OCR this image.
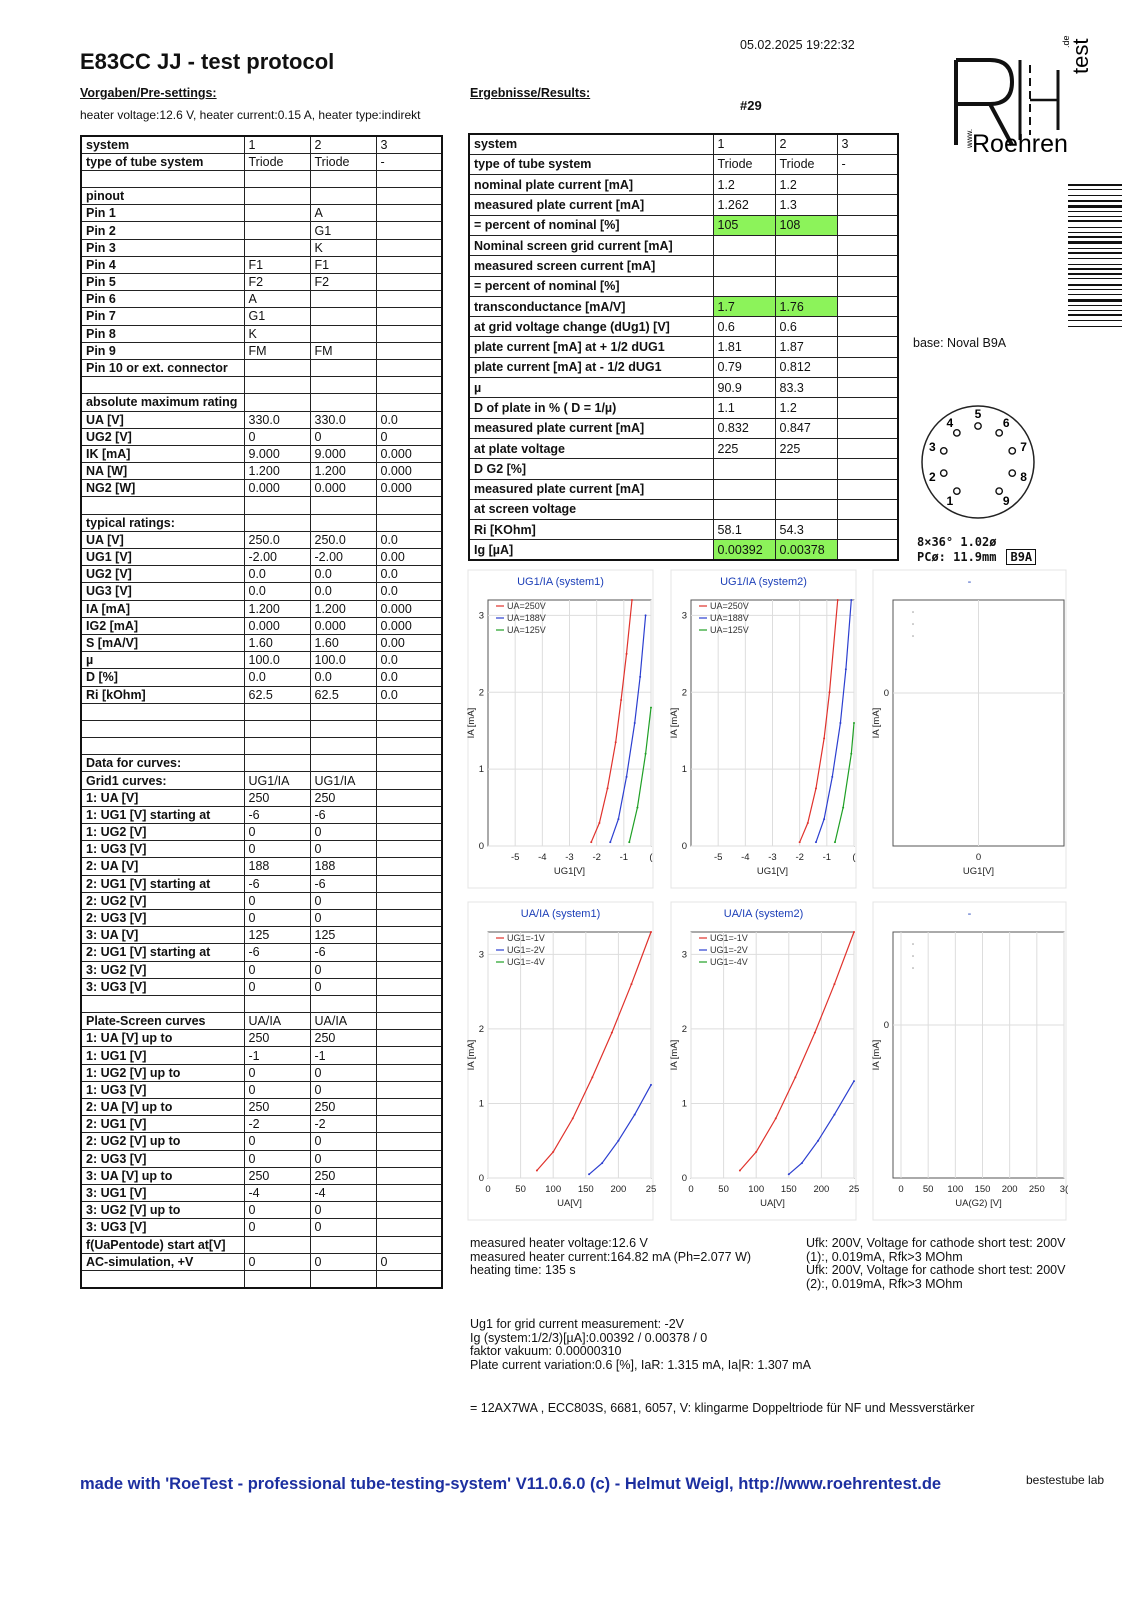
E83CC JJ - test protocol
05.02.2025 19:22:32
Vorgaben/Pre-settings:
heater voltage:12.6 V, heater current:0.15 A, heater type:indirekt
Ergebnisse/Results:
#29
www.
Roehren
test
.de
system	1	2	3
type of tube system	Triode	Triode	-

pinout			
Pin 1		A	
Pin 2		G1	
Pin 3		K	
Pin 4	F1	F1	
Pin 5	F2	F2	
Pin 6	A		
Pin 7	G1		
Pin 8	K		
Pin 9	FM	FM	
Pin 10 or ext. connector			

absolute maximum rating			
UA [V]	330.0	330.0	0.0
UG2 [V]	0	0	0
IK [mA]	9.000	9.000	0.000
NA [W]	1.200	1.200	0.000
NG2 [W]	0.000	0.000	0.000

typical ratings:			
UA [V]	250.0	250.0	0.0
UG1 [V]	-2.00	-2.00	0.00
UG2 [V]	0.0	0.0	0.0
UG3 [V]	0.0	0.0	0.0
IA [mA]	1.200	1.200	0.000
IG2 [mA]	0.000	0.000	0.000
S [mA/V]	1.60	1.60	0.00
µ	100.0	100.0	0.0
D [%]	0.0	0.0	0.0
Ri [kOhm]	62.5	62.5	0.0

Data for curves:			
Grid1 curves:	UG1/IA	UG1/IA	
1: UA [V]	250	250	
1: UG1 [V] starting at	-6	-6	
1: UG2 [V]	0	0	
1: UG3 [V]	0	0	
2: UA [V]	188	188	
2: UG1 [V] starting at	-6	-6	
2: UG2 [V]	0	0	
2: UG3 [V]	0	0	
3: UA [V]	125	125	
2: UG1 [V] starting at	-6	-6	
3: UG2 [V]	0	0	
3: UG3 [V]	0	0	

Plate-Screen curves	UA/IA	UA/IA	
1: UA [V] up to	250	250	
1: UG1 [V]	-1	-1	
1: UG2 [V] up to	0	0	
1: UG3 [V]	0	0	
2: UA [V] up to	250	250	
2: UG1 [V]	-2	-2	
2: UG2 [V] up to	0	0	
2: UG3 [V]	0	0	
3: UA [V] up to	250	250	
3: UG1 [V]	-4	-4	
3: UG2 [V] up to	0	0	
3: UG3 [V]	0	0	
f(UaPentode) start at[V]			
AC-simulation, +V	0	0	0

system	1	2	3
type of tube system	Triode	Triode	-
nominal plate current [mA]	1.2	1.2	
measured plate current [mA]	1.262	1.3	
= percent of nominal [%]	105	108	
Nominal screen grid current [mA]			
measured screen current [mA]			
= percent of nominal [%]			
transconductance [mA/V]	1.7	1.76	
at grid voltage change (dUg1) [V]	0.6	0.6	
plate current [mA] at + 1/2 dUG1	1.81	1.87	
plate current [mA] at - 1/2 dUG1	0.79	0.812	
µ	90.9	83.3	
D of plate in % ( D = 1/µ)	1.1	1.2	
measured plate current [mA]	0.832	0.847	
at plate voltage	225	225	
D G2 [%]			
measured plate current [mA]			
at screen voltage			
Ri [KOhm]	58.1	54.3	
Ig [µA]	0.00392	0.00378	
base: Noval B9A
1
2
3
4
5
6
7
8
9
8×36° 1.02ø
PCø: 11.9mm B9A
UG1/IA (system1)
-5 -4 -3 -2 -1 (
0
1
2
3
UA=250V
UA=188V
UA=125V
UG1[V]
IA [mA]
UG1/IA (system2)
-5 -4 -3 -2 -1 (
0
1
2
3
UA=250V
UA=188V
UA=125V
UG1[V]
IA [mA]
-
0
0
UG1[V]
IA [mA]
UA/IA (system1)
0	50 100 150 200 25
0
1
2
3
UG1=-1V
UG1=-2V
UG1=-4V
UA[V]
IA [mA]
UA/IA (system2)
0	50 100 150 200 25
0
1
2
3
UG1=-1V
UG1=-2V
UG1=-4V
UA[V]
IA [mA]
-
0
0 50 100 150 200 250 3(
UA(G2) [V]
IA [mA]
measured heater voltage:12.6 V
measured heater current:164.82 mA (Ph=2.077 W)
heating time: 135 s
Ufk: 200V, Voltage for cathode short test: 200V
(1):, 0.019mA, Rfk>3 MOhm
Ufk: 200V, Voltage for cathode short test: 200V
(2):, 0.019mA, Rfk>3 MOhm
Ug1 for grid current measurement: -2V
Ig (system:1/2/3)[µA]:0.00392 / 0.00378 / 0
faktor vakuum: 0.00000310
Plate current variation:0.6 [%], IaR: 1.315 mA, Ia|R: 1.307 mA
= 12AX7WA , ECC803S, 6681, 6057, V: klingarme Doppeltriode für NF und Messverstärker
made with 'RoeTest - professional tube-testing-system' V11.0.6.0 (c) - Helmut Weigl, http://www.roehrentest.de	bestestube lab
